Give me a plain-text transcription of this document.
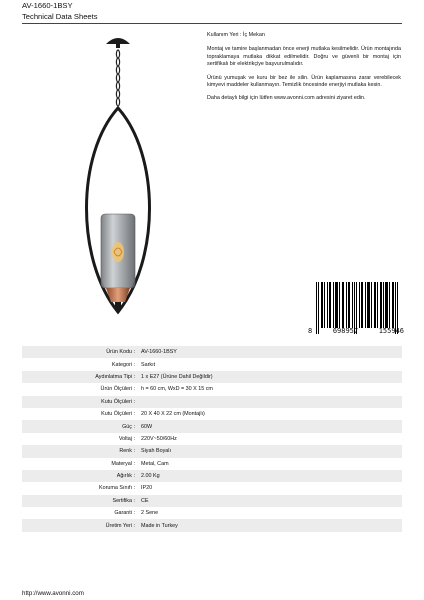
AV-1660-1BSY
Technical Data Sheets

Kullanım Yeri : İç Mekan

Montaj ve tamire başlanmadan önce enerji mutlaka kesilmelidir. Ürün montajında topraklamaya mutlaka dikkat edilmelidir. Doğru ve güvenli bir montaj için sertifikalı bir elektrikçiye başvurulmalıdır.

Ürünü yumuşak ve kuru bir bez ile silin. Ürün kaplamasına zarar verebilecek kimyevi maddeler kullanmayın. Temizlik öncesinde enerjiyi mutlaka kesin.

Daha detaylı bilgi için lütfen www.avonni.com adresini ziyaret edin.

8	698957	155946
Ürün Kodu :	AV-1660-1BSY
Kategori :	Sarkıt
Aydınlatma Tipi :	1 x E27 (Ürüne Dahil Değildir)
Ürün Ölçüleri :	h = 60 cm, WxD = 30 X 15 cm
Kutu Ölçüleri :	
Kutu Ölçüleri :	20 X 40 X 22 cm (Montajlı)
Güç :	60W
Voltaj :	220V~50/60Hz
Renk :	Siyah Boyalı
Materyal :	Metal, Cam
Ağırlık :	2.00 Kg
Koruma Sınıfı :	IP20
Sertifika :	CE
Garanti :	2 Sene
Üretim Yeri :	Made in Turkey
http://www.avonni.com
